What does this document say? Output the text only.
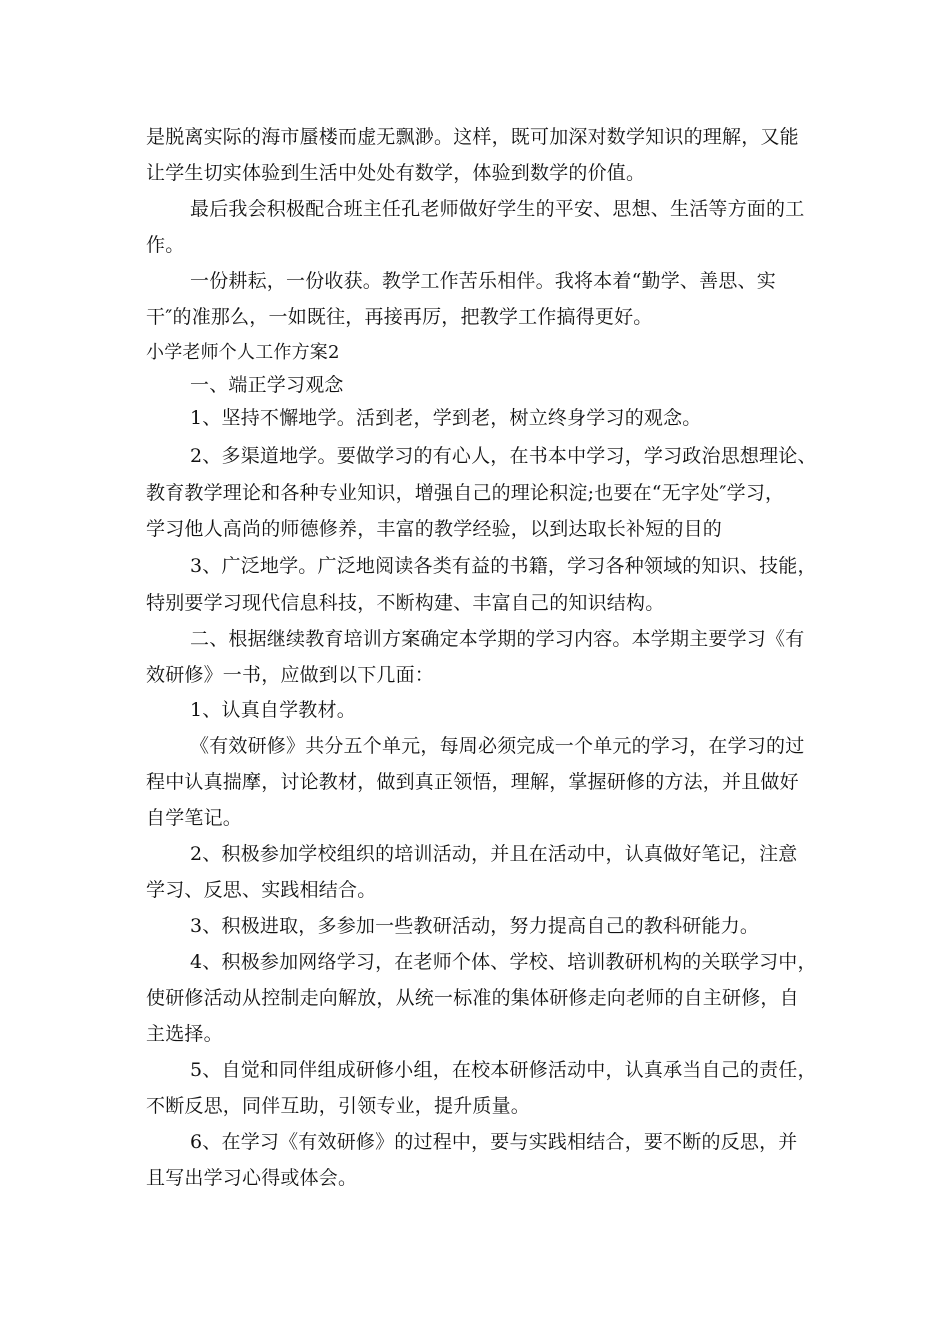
是脱离实际的海市蜃楼而虚无飘渺。这样，既可加深对数学知识的理解，又能
让学生切实体验到生活中处处有数学，体验到数学的价值。
最后我会积极配合班主任孔老师做好学生的平安、思想、生活等方面的工
作。
一份耕耘，一份收获。教学工作苦乐相伴。我将本着“勤学、善思、实
干″的准那么，一如既往，再接再厉，把教学工作搞得更好。
小学老师个人工作方案2
一、端正学习观念
1、坚持不懈地学。活到老，学到老，树立终身学习的观念。
2、多渠道地学。要做学习的有心人，在书本中学习，学习政治思想理论、
教育教学理论和各种专业知识，增强自己的理论积淀;也要在“无字处″学习，
学习他人高尚的师德修养，丰富的教学经验，以到达取长补短的目的
3、广泛地学。广泛地阅读各类有益的书籍，学习各种领域的知识、技能，
特别要学习现代信息科技，不断构建、丰富自己的知识结构。
二、根据继续教育培训方案确定本学期的学习内容。本学期主要学习《有
效研修》一书，应做到以下几面：
1、认真自学教材。
《有效研修》共分五个单元，每周必须完成一个单元的学习，在学习的过
程中认真揣摩，讨论教材，做到真正领悟，理解，掌握研修的方法，并且做好
自学笔记。
2、积极参加学校组织的培训活动，并且在活动中，认真做好笔记，注意
学习、反思、实践相结合。
3、积极进取，多参加一些教研活动，努力提高自己的教科研能力。
4、积极参加网络学习，在老师个体、学校、培训教研机构的关联学习中，
使研修活动从控制走向解放，从统一标准的集体研修走向老师的自主研修，自
主选择。
5、自觉和同伴组成研修小组，在校本研修活动中，认真承当自己的责任，
不断反思，同伴互助，引领专业，提升质量。
6、在学习《有效研修》的过程中，要与实践相结合，要不断的反思，并
且写出学习心得或体会。
